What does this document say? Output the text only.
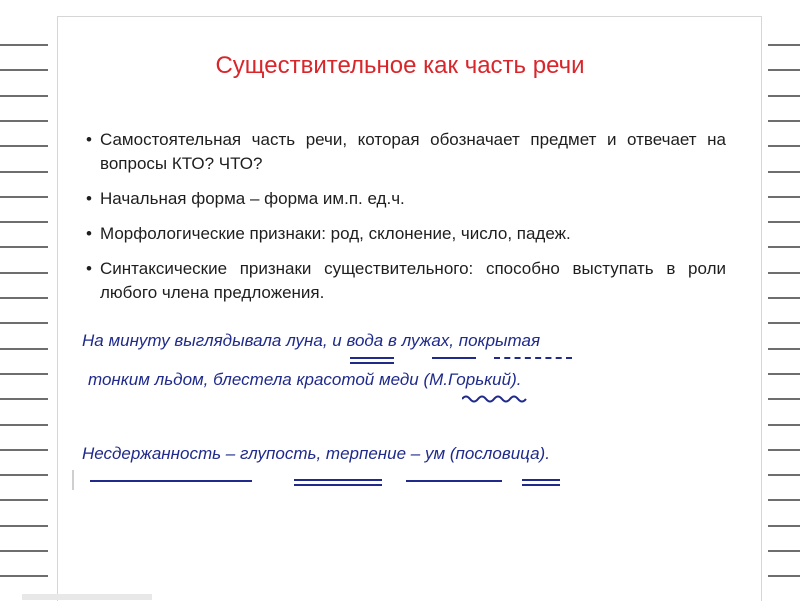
Существительное как часть речи
• Самостоятельная часть речи, которая обозначает предмет и отвечает на вопросы КТО? ЧТО?
• Начальная форма – форма им.п. ед.ч.
• Морфологические признаки: род, склонение, число, падеж.
• Синтаксические признаки существительного: способно выступать в роли любого члена предложения.
На минуту выглядывала луна, и вода в лужах, покрытая
тонким льдом, блестела красотой меди (М.Горький).
Несдержанность – глупость, терпение – ум (пословица).
